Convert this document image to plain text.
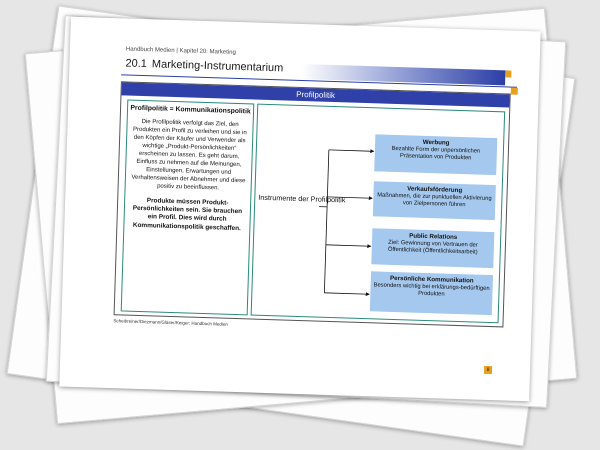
Handbuch Medien | Kapitel 20: Marketing
20.1 Marketing-Instrumentarium
Profilpolitik
Profilpolitik = Kommunikationspolitik
Die Profilpolitik verfolgt das Ziel, den Produkten ein Profil zu verleihen und sie in den Köpfen der Käufer und Verwender als wichtige „Produkt-Persönlichkeiten“ erscheinen zu lassen. Es geht darum, Einfluss zu nehmen auf die Meinungen, Einstellungen, Erwartungen und Verhaltensweisen der Abnehmer und diese positiv zu beeinflussen.
Produkte müssen Produkt-Persönlichkeiten sein. Sie brauchen ein Profil. Dies wird durch Kommunikationspolitik geschaffen.
Instrumente der Profilpolitik
Werbung
Bezahlte Form der unpersönlichen Präsentation von Produkten
Verkaufsförderung
Maßnahmen, die zur punktuellen Aktivierung von Zielpersonen führen
Public Relations
Ziel: Gewinnung von Vertrauen der Öffentlichkeit (Öffentlichkeitsarbeit)
Persönliche Kommunikation
Besonders wichtig bei erklärungs-bedürftigen Produkten
Scheibreiner/Diezmann/Gläser/Keiger: Handbuch Medien
8
